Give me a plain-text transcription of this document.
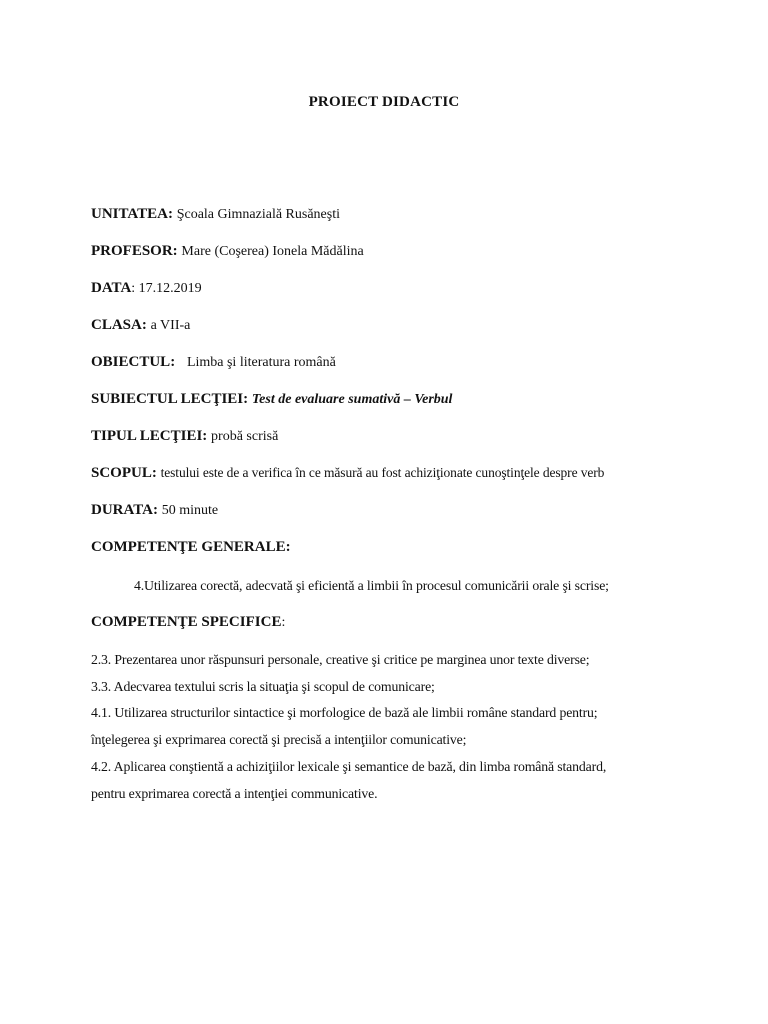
PROIECT DIDACTIC
UNITATEA: Şcoala Gimnazială Rusăneşti
PROFESOR: Mare (Coşerea) Ionela Mădălina
DATA: 17.12.2019
CLASA: a VII-a
OBIECTUL: Limba şi literatura română
SUBIECTUL LECŢIEI: Test de evaluare sumativă – Verbul
TIPUL LECŢIEI: probă scrisă
SCOPUL: testului este de a verifica în ce măsură au fost achiziţionate cunoştinţele despre verb
DURATA: 50 minute
COMPETENŢE GENERALE:
4.Utilizarea corectă, adecvată şi eficientă a limbii în procesul comunicării orale şi scrise;
COMPETENŢE SPECIFICE:
2.3. Prezentarea unor răspunsuri personale, creative şi critice pe marginea unor texte diverse;
3.3. Adecvarea textului scris la situaţia şi scopul de comunicare;
4.1. Utilizarea structurilor sintactice şi morfologice de bază ale limbii române standard pentru;
înţelegerea şi exprimarea corectă şi precisă a intenţiilor comunicative;
4.2. Aplicarea conştientă a achiziţiilor lexicale şi semantice de bază, din limba română standard,
pentru exprimarea corectă a intenţiei communicative.
